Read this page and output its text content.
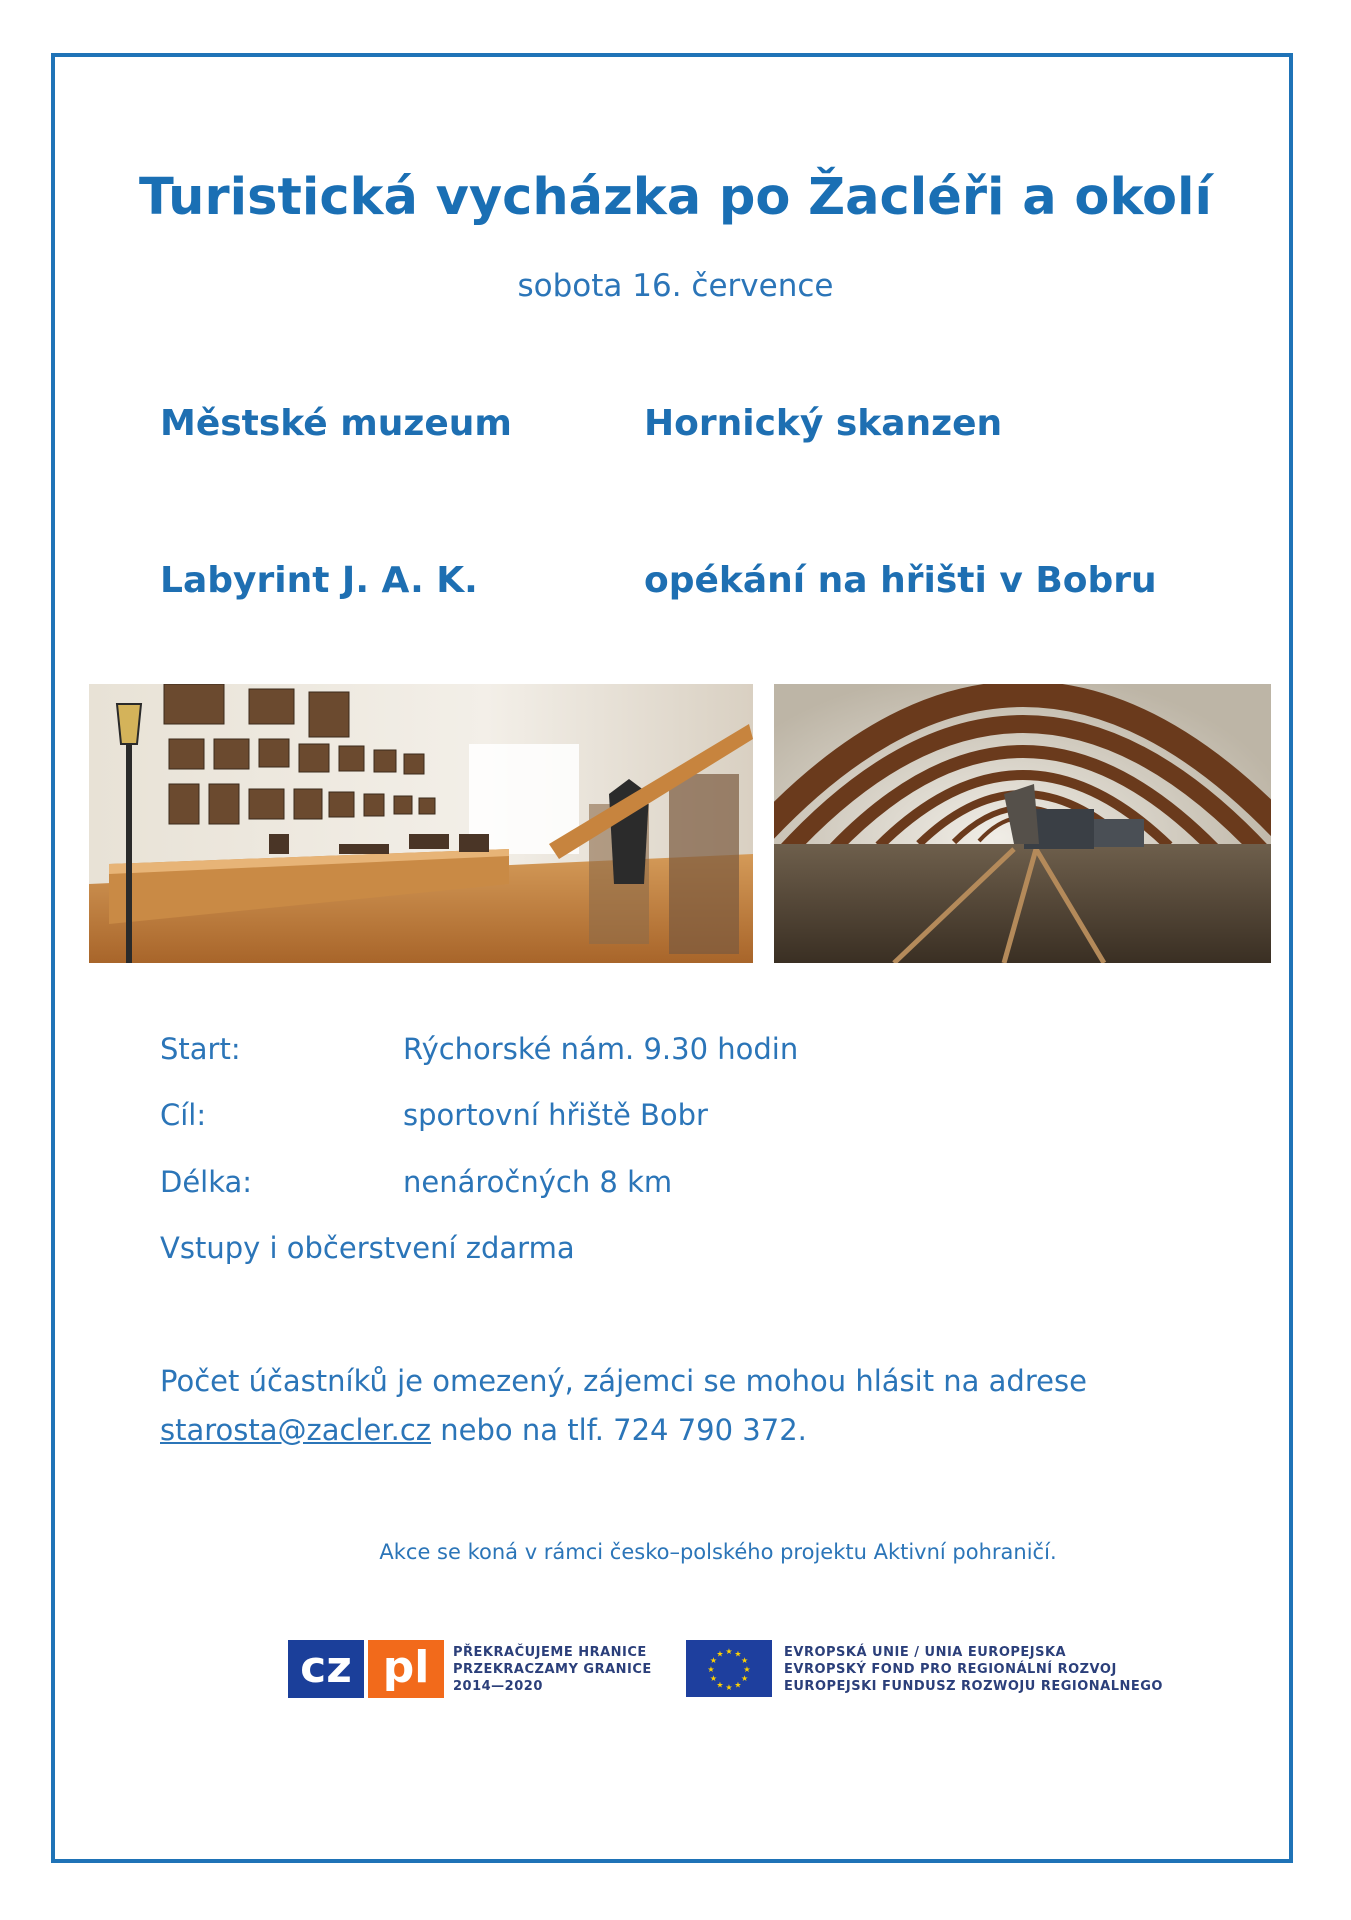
Turistická vycházka po Žacléři a okolí
sobota 16. července
Městské muzeum	Hornický skanzen
Labyrint J. A. K.	opékání na hřišti v Bobru
Start:	Rýchorské nám. 9.30 hodin
Cíl:	sportovní hřiště Bobr
Délka:	nenáročných 8 km
Vstupy i občerstvení zdarma
Počet účastníků je omezený, zájemci se mohou hlásit na adrese
starosta@zacler.cz nebo na tlf. 724 790 372.
Akce se koná v rámci česko–polského projektu Aktivní pohraničí.
cz pl	PŘEKRAČUJEME HRANICE
PRZEKRACZAMY GRANICE
2014—2020
★ ★
★
★
★
★
★
★
★
★
★
★	EVROPSKÁ UNIE / UNIA EUROPEJSKA
EVROPSKÝ FOND PRO REGIONÁLNÍ ROZVOJ
EUROPEJSKI FUNDUSZ ROZWOJU REGIONALNEGO
